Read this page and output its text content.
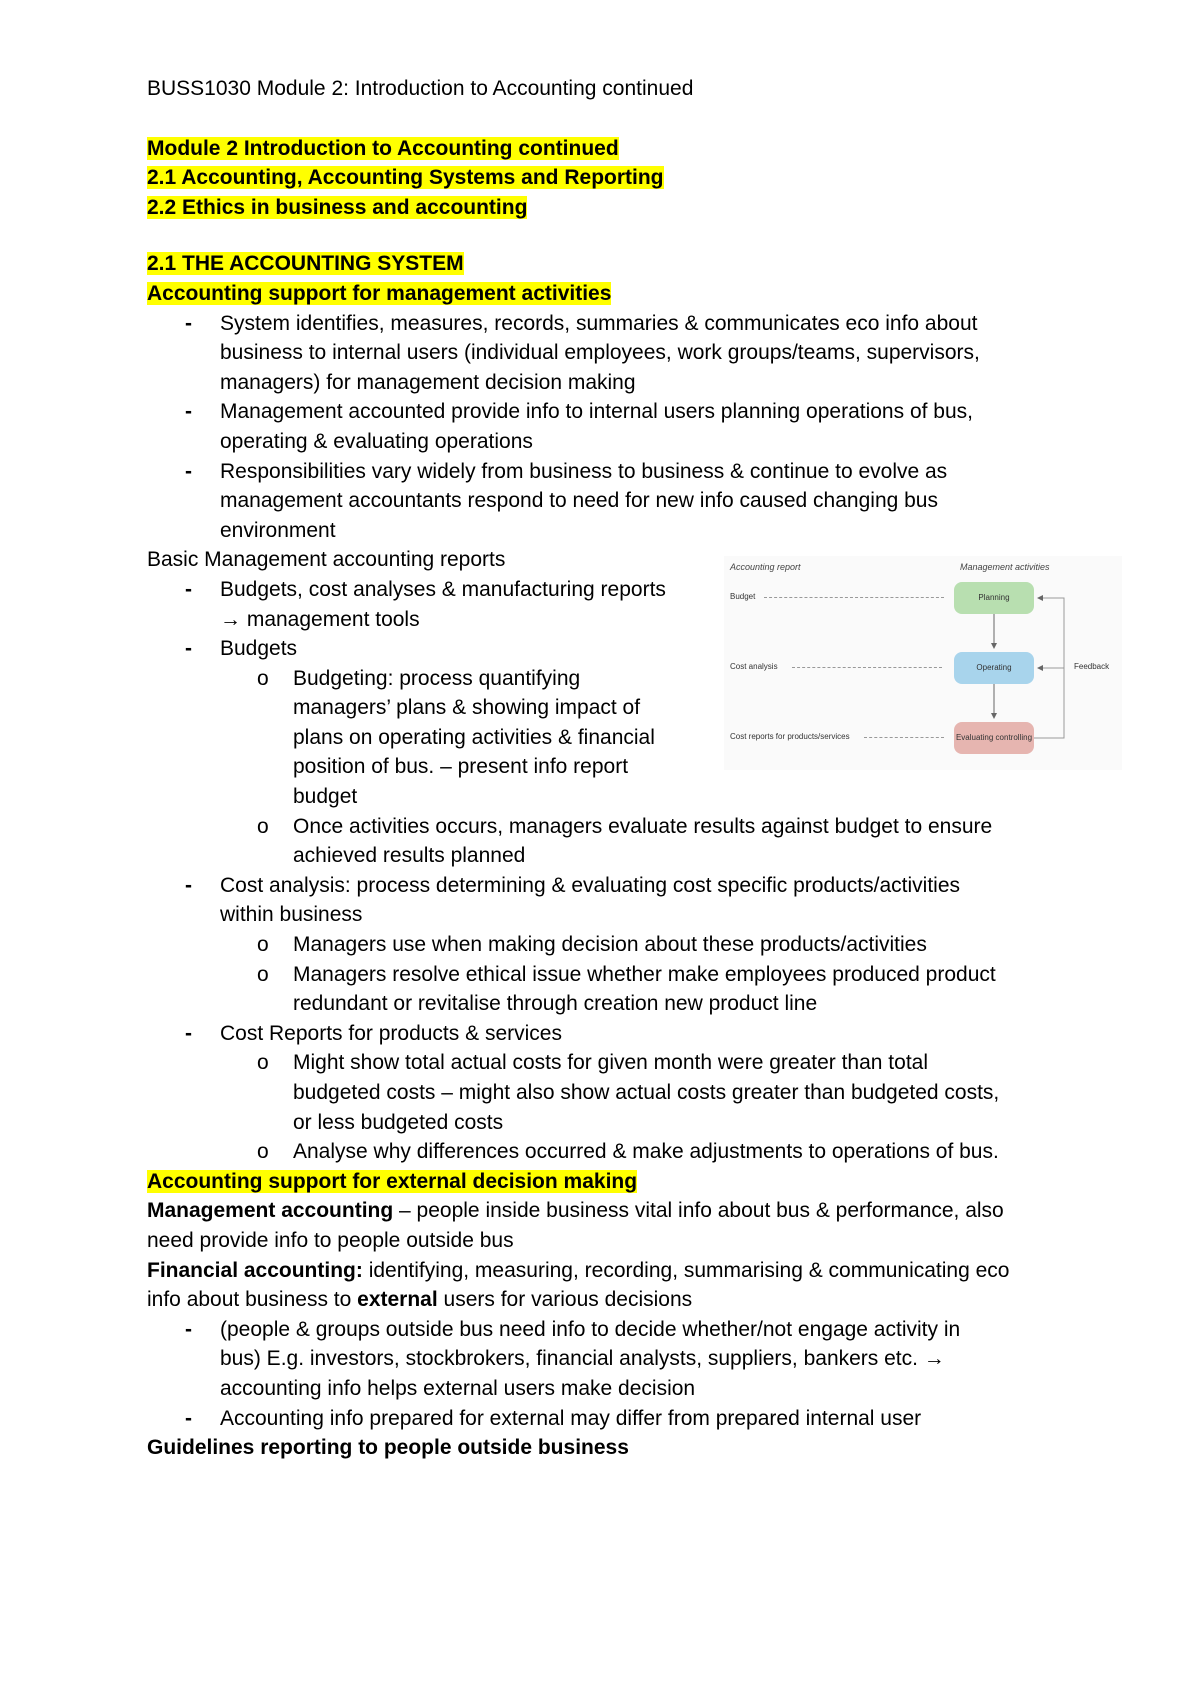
BUSS1030 Module 2: Introduction to Accounting continued
Module 2 Introduction to Accounting continued
2.1 Accounting, Accounting Systems and Reporting
2.2 Ethics in business and accounting
2.1 THE ACCOUNTING SYSTEM
Accounting support for management activities
- System identifies, measures, records, summaries & communicates eco info about
business to internal users (individual employees, work groups/teams, supervisors,
managers) for management decision making
- Management accounted provide info to internal users planning operations of bus,
operating & evaluating operations
- Responsibilities vary widely from business to business & continue to evolve as
management accountants respond to need for new info caused changing bus
environment
Basic Management accounting reports
- Budgets, cost analyses & manufacturing reports
→ management tools
- Budgets
o Budgeting: process quantifying
managers’ plans & showing impact of
plans on operating activities & financial
position of bus. – present info report
budget
o Once activities occurs, managers evaluate results against budget to ensure
achieved results planned
- Cost analysis: process determining & evaluating cost specific products/activities
within business
o Managers use when making decision about these products/activities
o Managers resolve ethical issue whether make employees produced product
redundant or revitalise through creation new product line
- Cost Reports for products & services
o Might show total actual costs for given month were greater than total
budgeted costs – might also show actual costs greater than budgeted costs,
or less budgeted costs
o Analyse why differences occurred & make adjustments to operations of bus.
Accounting support for external decision making
Management accounting – people inside business vital info about bus & performance, also
need provide info to people outside bus
Financial accounting: identifying, measuring, recording, summarising & communicating eco
info about business to external users for various decisions
- (people & groups outside bus need info to decide whether/not engage activity in
bus) E.g. investors, stockbrokers, financial analysts, suppliers, bankers etc. →
accounting info helps external users make decision
- Accounting info prepared for external may differ from prepared internal user
Guidelines reporting to people outside business
Accounting report	Management activities
Budget
Cost analysis
Cost reports for products/services
Planning
Operating
Evaluating controlling
Feedback
